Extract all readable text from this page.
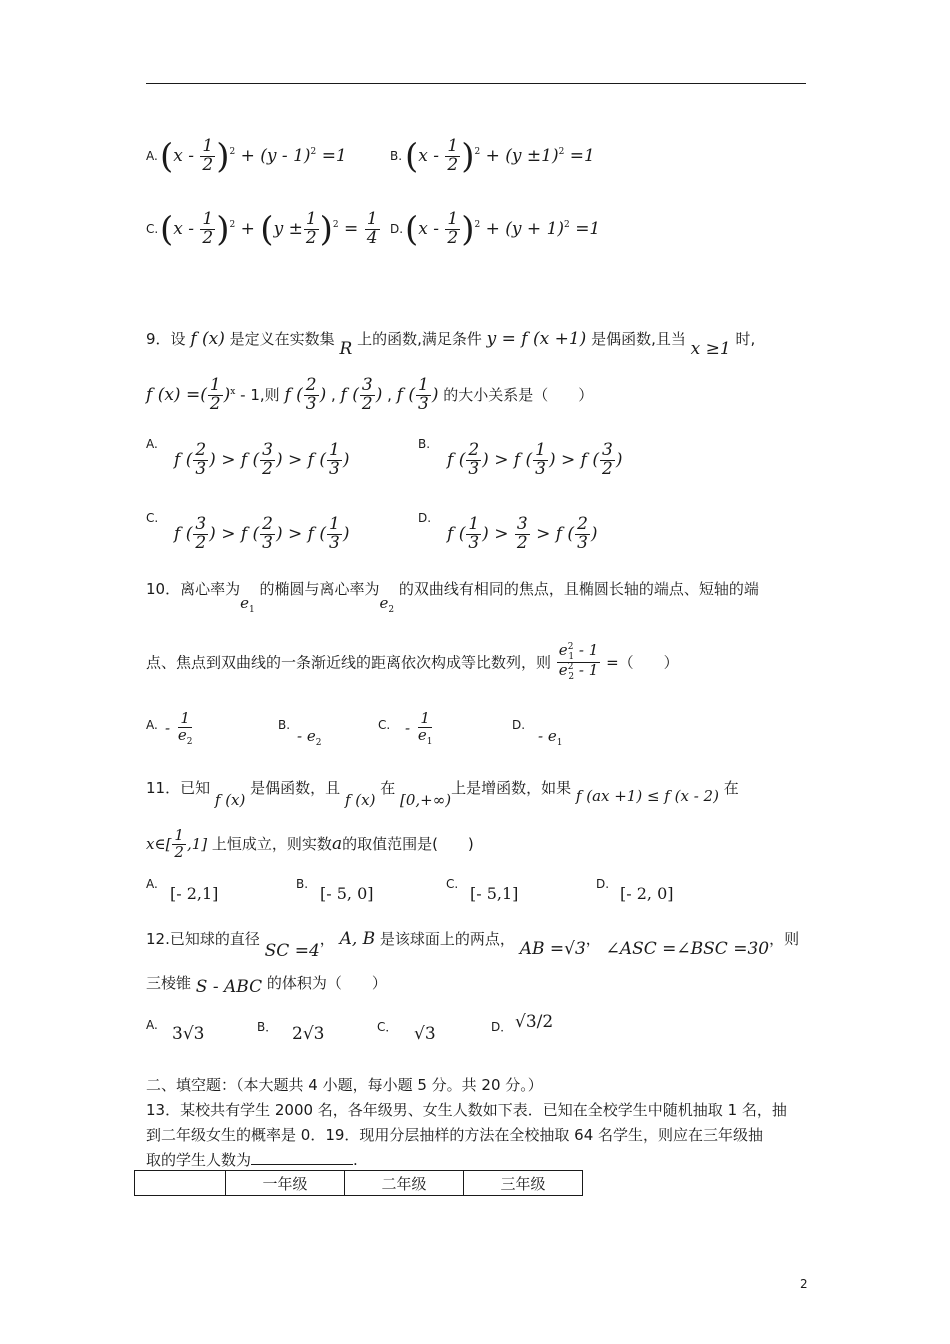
A. $(x - \frac{1}{2} )^2 + (y - 1)^2 =1$	B. $(x - \frac{1}{2} )^2 + (y \pm 1)^2 =1$
C. $(x - \frac{1}{2} )^2 + (y \pm \frac{1}{2} )^2 = \frac{1}{4} D$. $(x - \frac{1}{2} )^2 + (y + 1)^2 =1$
9．设 f (x) 是定义在实数集 R 上的函数,满足条件 y = f (x +1) 是偶函数,且当 x ≥1 时,
f (x) =( $\frac{1}{2} )^x - 1$,则 f ( $\frac{2}{3}$ ) , f ( $\frac{3}{2}$ ) , f ( $\frac{1}{3}$ ) 的大小关系是（　　）
A.
f ( $\frac{2}{3}$ ) > f ( $\frac{3}{2}$ ) > f ( $\frac{1}{3}$ )
B.
f ( $\frac{2}{3}$ ) > f ( $\frac{1}{3}$ ) > f ( $\frac{3}{2}$ )
C.
f ( $\frac{3}{2}$ ) > f ( $\frac{2}{3}$ ) > f ( $\frac{1}{3}$ )
D.
f ( $\frac{1}{3}$ ) > $\frac{3}{2} > f$ ( $\frac{2}{3}$ )
10．离心率为$e_1$ 的椭圆与离心率为$e_2$ 的双曲线有相同的焦点，且椭圆长轴的端点、短轴的端
点、焦点到双曲线的一条渐近线的距离依次构成等比数列，则 $\frac{e^2_1 - 1}{e^2_2 - 1}$ =（　　）
A. - $\frac{1}{e_2}$	B.
- $e_2$
C. - $\frac{1}{e_1}$	D.
- $e_1$
11．已知 f (x) 是偶函数，且 f (x) 在 [0,+∞)上是增函数，如果 f (ax +1) ≤ f (x - 2) 在
x∈[ $\frac{1}{2} ,1$] 上恒成立，则实数a的取值范围是(　　)
A. [- 2,1]	B. [- 5, 0]	C. [- 5,1]	D. [- 2, 0]
12.已知球的直径 SC =4， A, B 是该球面上的两点， AB =√3， ∠ASC =∠BSC =30，则
三棱锥 S - ABC 的体积为（　　）
A. 3√3	B． 2√3	C． √3	D． √3/2
二、填空题：（本大题共 4 小题，每小题 5 分。共 20 分。）
13．某校共有学生 2000 名，各年级男、女生人数如下表．已知在全校学生中随机抽取 1 名，抽
到二年级女生的概率是 0．19．现用分层抽样的方法在全校抽取 64 名学生，则应在三年级抽
取的学生人数为	.
	一年级	二年级	三年级
2
